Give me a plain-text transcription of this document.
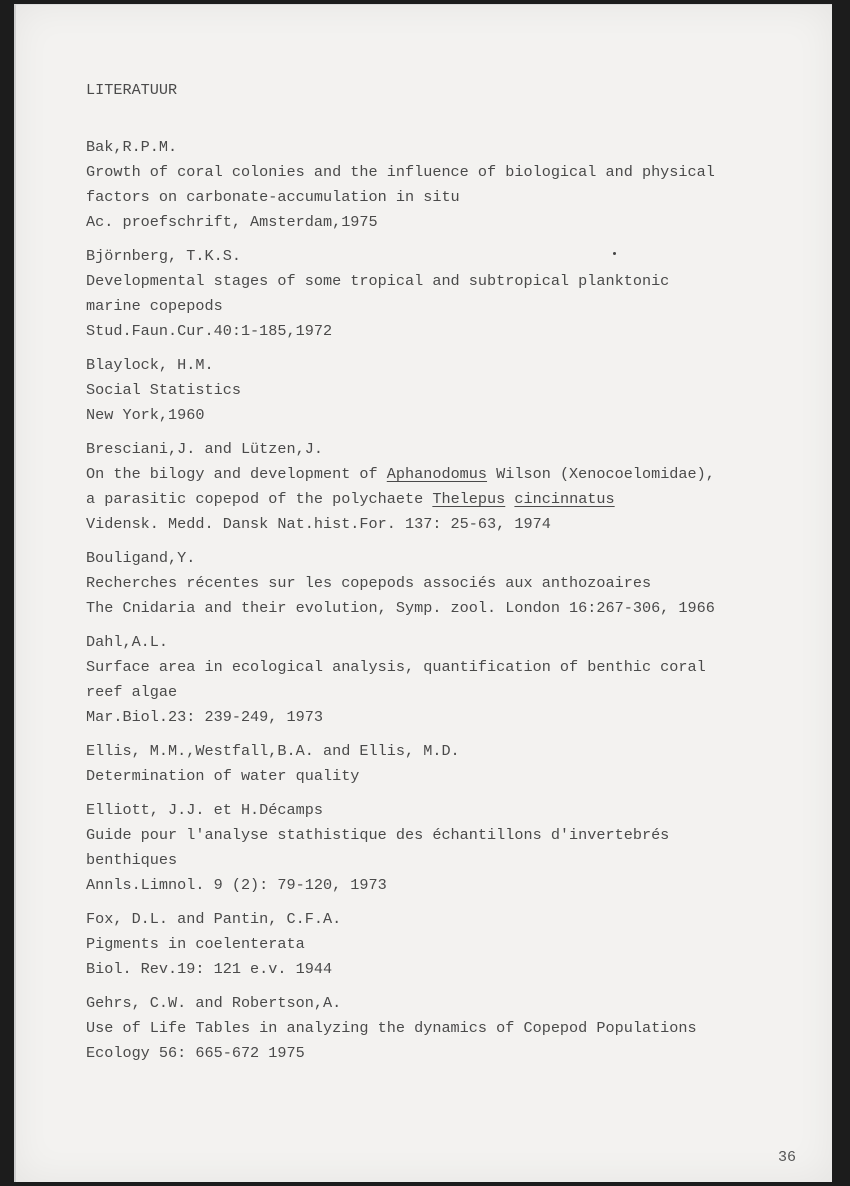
LITERATUUR
Bak,R.P.M.
Growth of coral colonies and the influence of biological and physical
factors on carbonate-accumulation in situ
Ac. proefschrift, Amsterdam,1975
Björnberg, T.K.S.
Developmental stages of some tropical and subtropical planktonic
marine copepods
Stud.Faun.Cur.40:1-185,1972
Blaylock, H.M.
Social Statistics
New York,1960
Bresciani,J. and Lützen,J.
On the bilogy and development of Aphanodomus Wilson (Xenocoelomidae),
a parasitic copepod of the polychaete Thelepus cincinnatus
Vidensk. Medd. Dansk Nat.hist.For. 137: 25-63, 1974
Bouligand,Y.
Recherches récentes sur les copepods associés aux anthozoaires
The Cnidaria and their evolution, Symp. zool. London 16:267-306, 1966
Dahl,A.L.
Surface area in ecological analysis, quantification of benthic coral
reef algae
Mar.Biol.23: 239-249, 1973
Ellis, M.M.,Westfall,B.A. and Ellis, M.D.
Determination of water quality
Elliott, J.J. et H.Décamps
Guide pour l'analyse stathistique des échantillons d'invertebrés
benthiques
Annls.Limnol. 9 (2): 79-120, 1973
Fox, D.L. and Pantin, C.F.A.
Pigments in coelenterata
Biol. Rev.19: 121 e.v. 1944
Gehrs, C.W. and Robertson,A.
Use of Life Tables in analyzing the dynamics of Copepod Populations
Ecology 56: 665-672 1975
36
